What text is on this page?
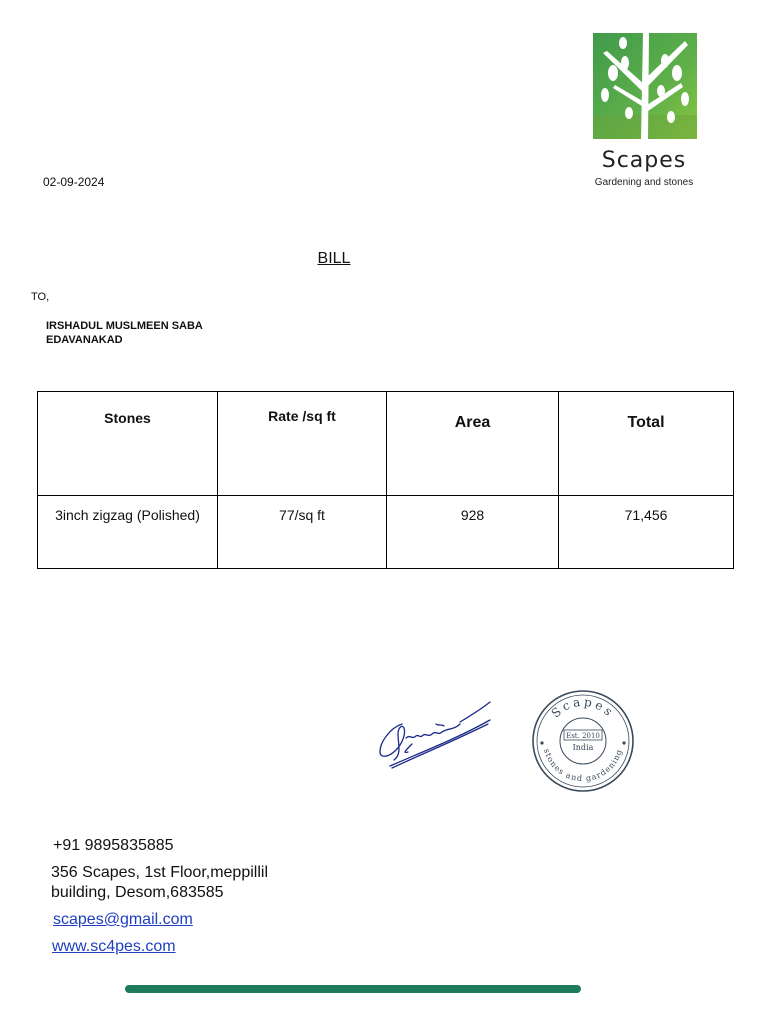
Scapes
Gardening and stones
02-09-2024
BILL
TO,
IRSHADUL MUSLMEEN SABA
EDAVANAKAD
Stones	Rate /sq ft	Area	Total

3inch zigzag (Polished)	77/sq ft	928	71,456
Scapes
stones and gardening
Est. 2010
India
+91 9895835885
356 Scapes, 1st Floor,meppillil
building, Desom,683585
scapes@gmail.com
www.sc4pes.com
